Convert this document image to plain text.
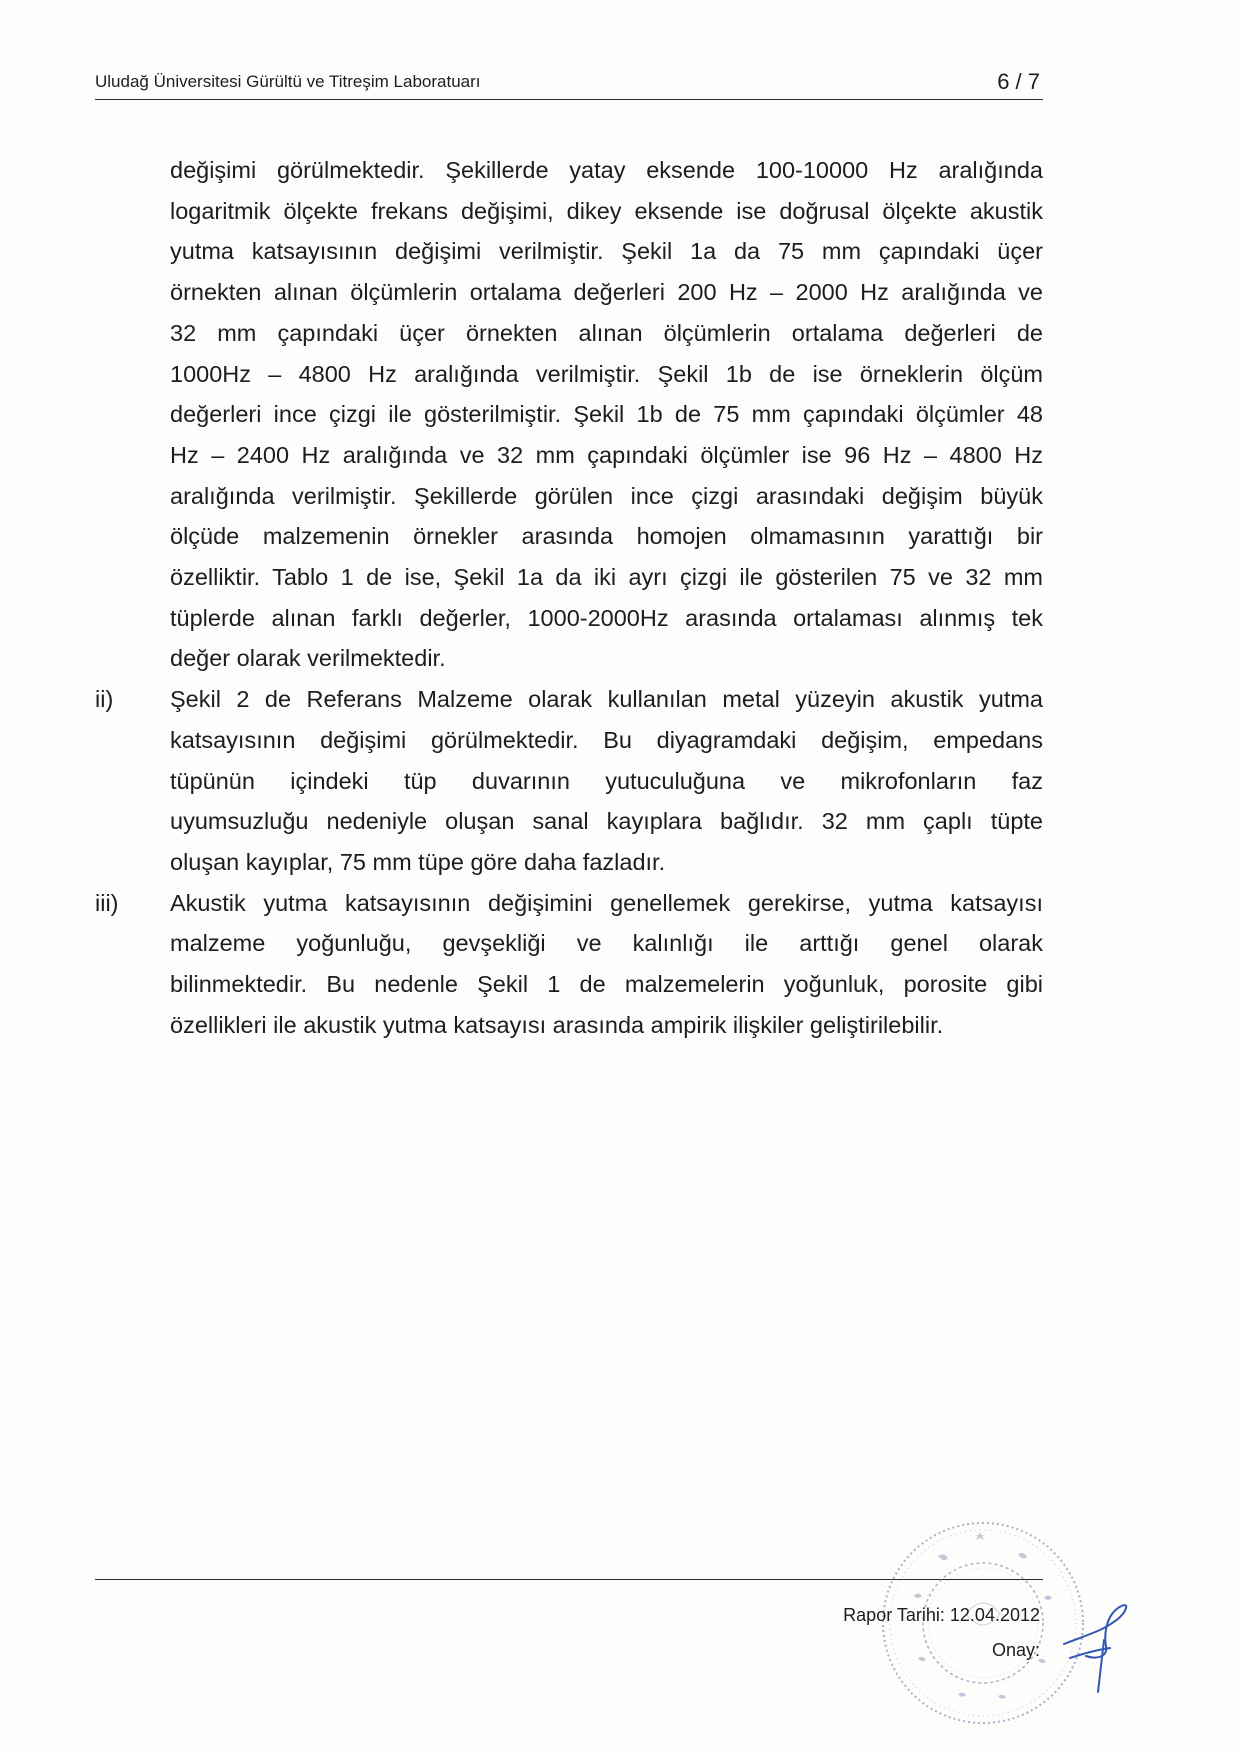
Uludağ Üniversitesi Gürültü ve Titreşim Laboratuarı	6 / 7
değişimi görülmektedir. Şekillerde yatay eksende 100-10000 Hz aralığında
logaritmik ölçekte frekans değişimi, dikey eksende ise doğrusal ölçekte akustik
yutma katsayısının değişimi verilmiştir. Şekil 1a da 75 mm çapındaki üçer
örnekten alınan ölçümlerin ortalama değerleri 200 Hz – 2000 Hz aralığında ve
32 mm çapındaki üçer örnekten alınan ölçümlerin ortalama değerleri de
1000Hz – 4800 Hz aralığında verilmiştir. Şekil 1b de ise örneklerin ölçüm
değerleri ince çizgi ile gösterilmiştir. Şekil 1b de 75 mm çapındaki ölçümler 48
Hz – 2400 Hz aralığında ve 32 mm çapındaki ölçümler ise 96 Hz – 4800 Hz
aralığında verilmiştir. Şekillerde görülen ince çizgi arasındaki değişim büyük
ölçüde malzemenin örnekler arasında homojen olmamasının yarattığı bir
özelliktir. Tablo 1 de ise, Şekil 1a da iki ayrı çizgi ile gösterilen 75 ve 32 mm
tüplerde alınan farklı değerler, 1000-2000Hz arasında ortalaması alınmış tek
değer olarak verilmektedir.
ii) Şekil 2 de Referans Malzeme olarak kullanılan metal yüzeyin akustik yutma
katsayısının değişimi görülmektedir. Bu diyagramdaki değişim, empedans
tüpünün içindeki tüp duvarının yutuculuğuna ve mikrofonların faz
uyumsuzluğu nedeniyle oluşan sanal kayıplara bağlıdır. 32 mm çaplı tüpte
oluşan kayıplar, 75 mm tüpe göre daha fazladır.
iii) Akustik yutma katsayısının değişimini genellemek gerekirse, yutma katsayısı
malzeme yoğunluğu, gevşekliği ve kalınlığı ile arttığı genel olarak
bilinmektedir. Bu nedenle Şekil 1 de malzemelerin yoğunluk, porosite gibi
özellikleri ile akustik yutma katsayısı arasında ampirik ilişkiler geliştirilebilir.
Rapor Tarihi: 12.04.2012
Onay:
